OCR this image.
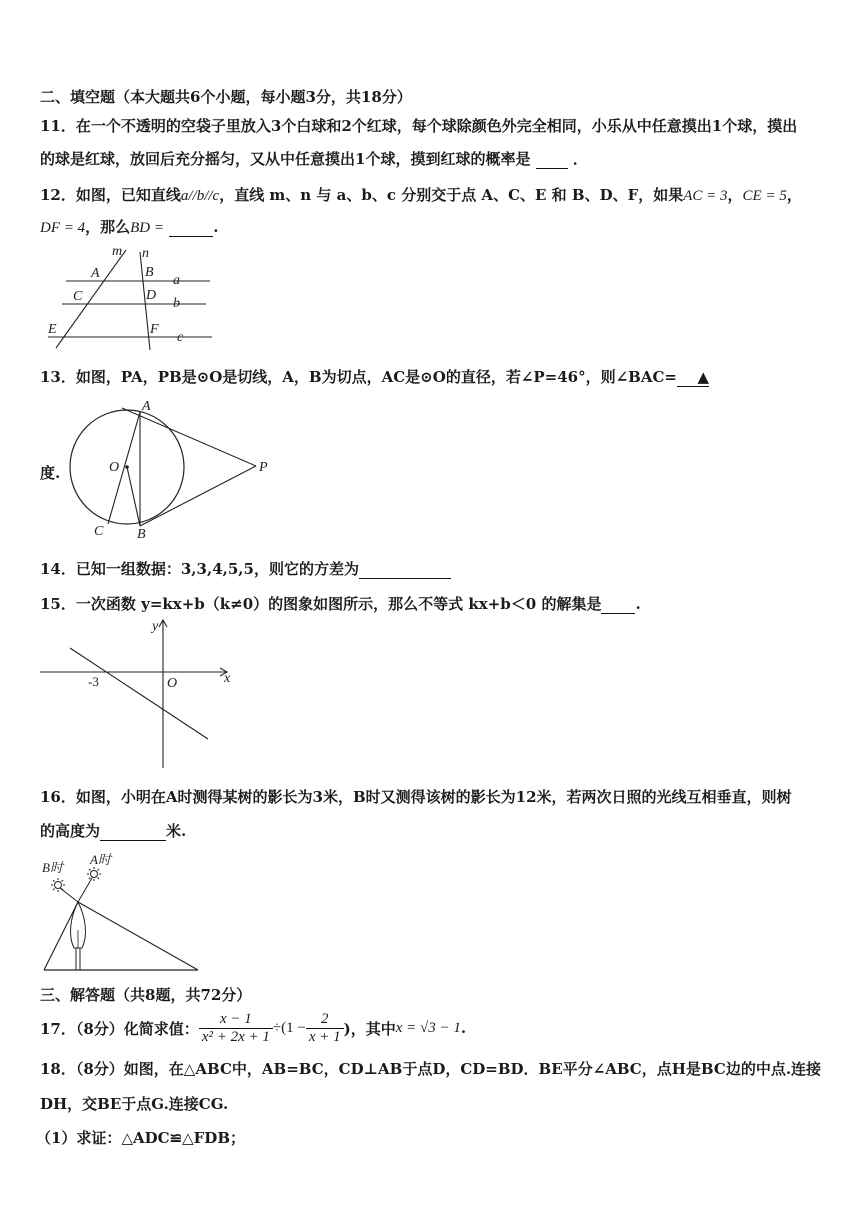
二、填空题（本大题共6个小题，每小题3分，共18分）
11．在一个不透明的空袋子里放入3个白球和2个红球，每个球除颜色外完全相同，小乐从中任意摸出1个球，摸出
的球是红球，放回后充分摇匀，又从中任意摸出1个球，摸到红球的概率是	．
12．如图，已知直线a//b//c，直线 m、n 与 a、b、c 分别交于点 A、C、E 和 B、D、F，如果AC = 3，CE = 5，
DF = 4，那么BD =	.
m n
A	B
a
C	D
b
E	F
c
13．如图，PA，PB是⊙O是切线，A，B为切点，AC是⊙O的直径，若∠P=46°，则∠BAC= ▲
度.
A
O	P
C B
14．已知一组数据：3,3,4,5,5，则它的方差为
15．一次函数 y=kx+b（k≠0）的图象如图所示，那么不等式 kx+b＜0 的解集是 .
y
x
O
-3
16．如图，小明在A时测得某树的影长为3米，B时又测得该树的影长为12米，若两次日照的光线互相垂直，则树
的高度为	米.
B时
A时
三、解答题（共8题，共72分）
17．（8分）化简求值： $\frac{x - 1}{\text{x² + 2x + 1}} \div(1 - \frac{2}{x + 1}$ )，其中 x = √3 − 1 .
18．（8分）如图，在△ABC中，AB=BC，CD⊥AB于点D，CD=BD．BE平分∠ABC，点H是BC边的中点.连接
DH，交BE于点G.连接CG.
（1）求证：△ADC≌△FDB；
